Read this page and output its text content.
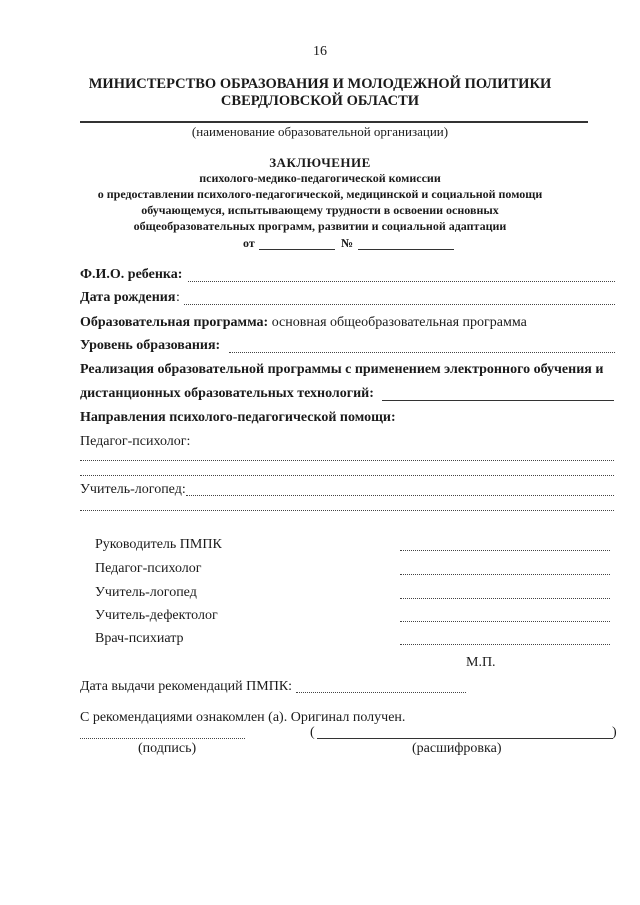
16
МИНИСТЕРСТВО ОБРАЗОВАНИЯ И МОЛОДЕЖНОЙ ПОЛИТИКИ
СВЕРДЛОВСКОЙ ОБЛАСТИ
(наименование образовательной организации)
ЗАКЛЮЧЕНИЕ
психолого-медико-педагогической комиссии
о предоставлении психолого-педагогической, медицинской и социальной помощи
обучающемуся, испытывающему трудности в освоении основных
общеобразовательных программ, развитии и социальной адаптации
от	№
Ф.И.О. ребенка:
Дата рождения :
Образовательная программа: основная общеобразовательная программа
Уровень образования:
Реализация образовательной программы с применением электронного обучения и
дистанционных образовательных технологий:
Направления психолого-педагогической помощи:
Педагог-психолог:
Учитель-логопед:
Руководитель ПМПК
Педагог-психолог
Учитель-логопед
Учитель-дефектолог
Врач-психиатр
М.П.
Дата выдачи рекомендаций ПМПК:
С рекомендациями ознакомлен (а). Оригинал получен.
(	)
(подпись)	(расшифровка)
